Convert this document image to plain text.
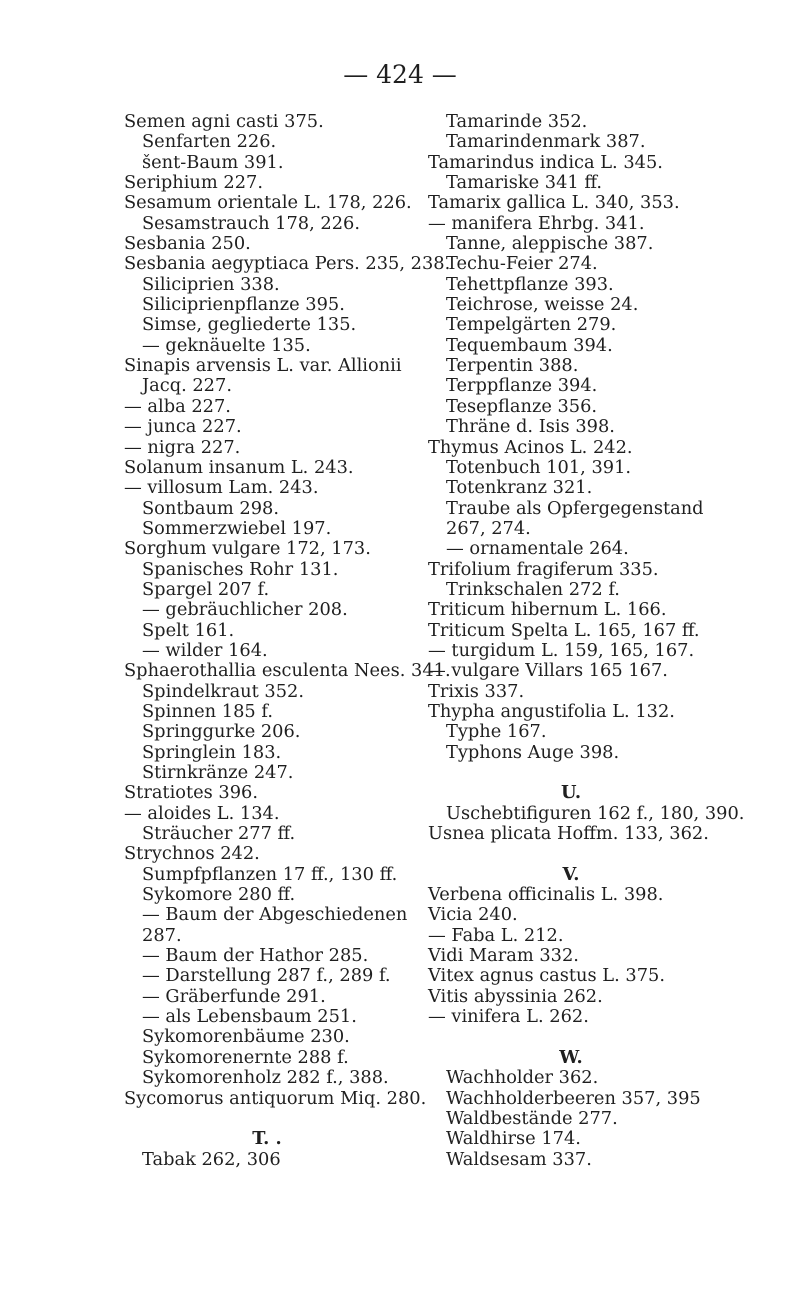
— 424 —
Semen agni casti 375.
Senfarten 226.
šent-Baum 391.
Seriphium 227.
Sesamum orientale L. 178, 226.
Sesamstrauch 178, 226.
Sesbania 250.
Sesbania aegyptiaca Pers. 235, 238.
Siliciprien 338.
Siliciprienpflanze 395.
Simse, gegliederte 135.
— geknäuelte 135.
Sinapis arvensis L. var. Allionii
Jacq. 227.
— alba 227.
— junca 227.
— nigra 227.
Solanum insanum L. 243.
— villosum Lam. 243.
Sontbaum 298.
Sommerzwiebel 197.
Sorghum vulgare 172, 173.
Spanisches Rohr 131.
Spargel 207 f.
— gebräuchlicher 208.
Spelt 161.
— wilder 164.
Sphaerothallia esculenta Nees. 341.
Spindelkraut 352.
Spinnen 185 f.
Springgurke 206.
Springlein 183.
Stirnkränze 247.
Stratiotes 396.
— aloides L. 134.
Sträucher 277 ff.
Strychnos 242.
Sumpfpflanzen 17 ff., 130 ff.
Sykomore 280 ff.
— Baum der Abgeschiedenen
287.
— Baum der Hathor 285.
— Darstellung 287 f., 289 f.
— Gräberfunde 291.
— als Lebensbaum 251.
Sykomorenbäume 230.
Sykomorenernte 288 f.
Sykomorenholz 282 f., 388.
Sycomorus antiquorum Miq. 280.
T. .
Tabak 262, 306
Tamarinde 352.
Tamarindenmark 387.
Tamarindus indica L. 345.
Tamariske 341 ff.
Tamarix gallica L. 340, 353.
— manifera Ehrbg. 341.
Tanne, aleppische 387.
Techu-Feier 274.
Tehettpflanze 393.
Teichrose, weisse 24.
Tempelgärten 279.
Tequembaum 394.
Terpentin 388.
Terppflanze 394.
Tesepflanze 356.
Thräne d. Isis 398.
Thymus Acinos L. 242.
Totenbuch 101, 391.
Totenkranz 321.
Traube als Opfergegenstand
267, 274.
— ornamentale 264.
Trifolium fragiferum 335.
Trinkschalen 272 f.
Triticum hibernum L. 166.
Triticum Spelta L. 165, 167 ff.
— turgidum L. 159, 165, 167.
— vulgare Villars 165 167.
Trixis 337.
Thypha angustifolia L. 132.
Typhe 167.
Typhons Auge 398.
U.
Uschebtifiguren 162 f., 180, 390.
Usnea plicata Hoffm. 133, 362.
V.
Verbena officinalis L. 398.
Vicia 240.
— Faba L. 212.
Vidi Maram 332.
Vitex agnus castus L. 375.
Vitis abyssinia 262.
— vinifera L. 262.
W.
Wachholder 362.
Wachholderbeeren 357, 395
Waldbestände 277.
Waldhirse 174.
Waldsesam 337.
